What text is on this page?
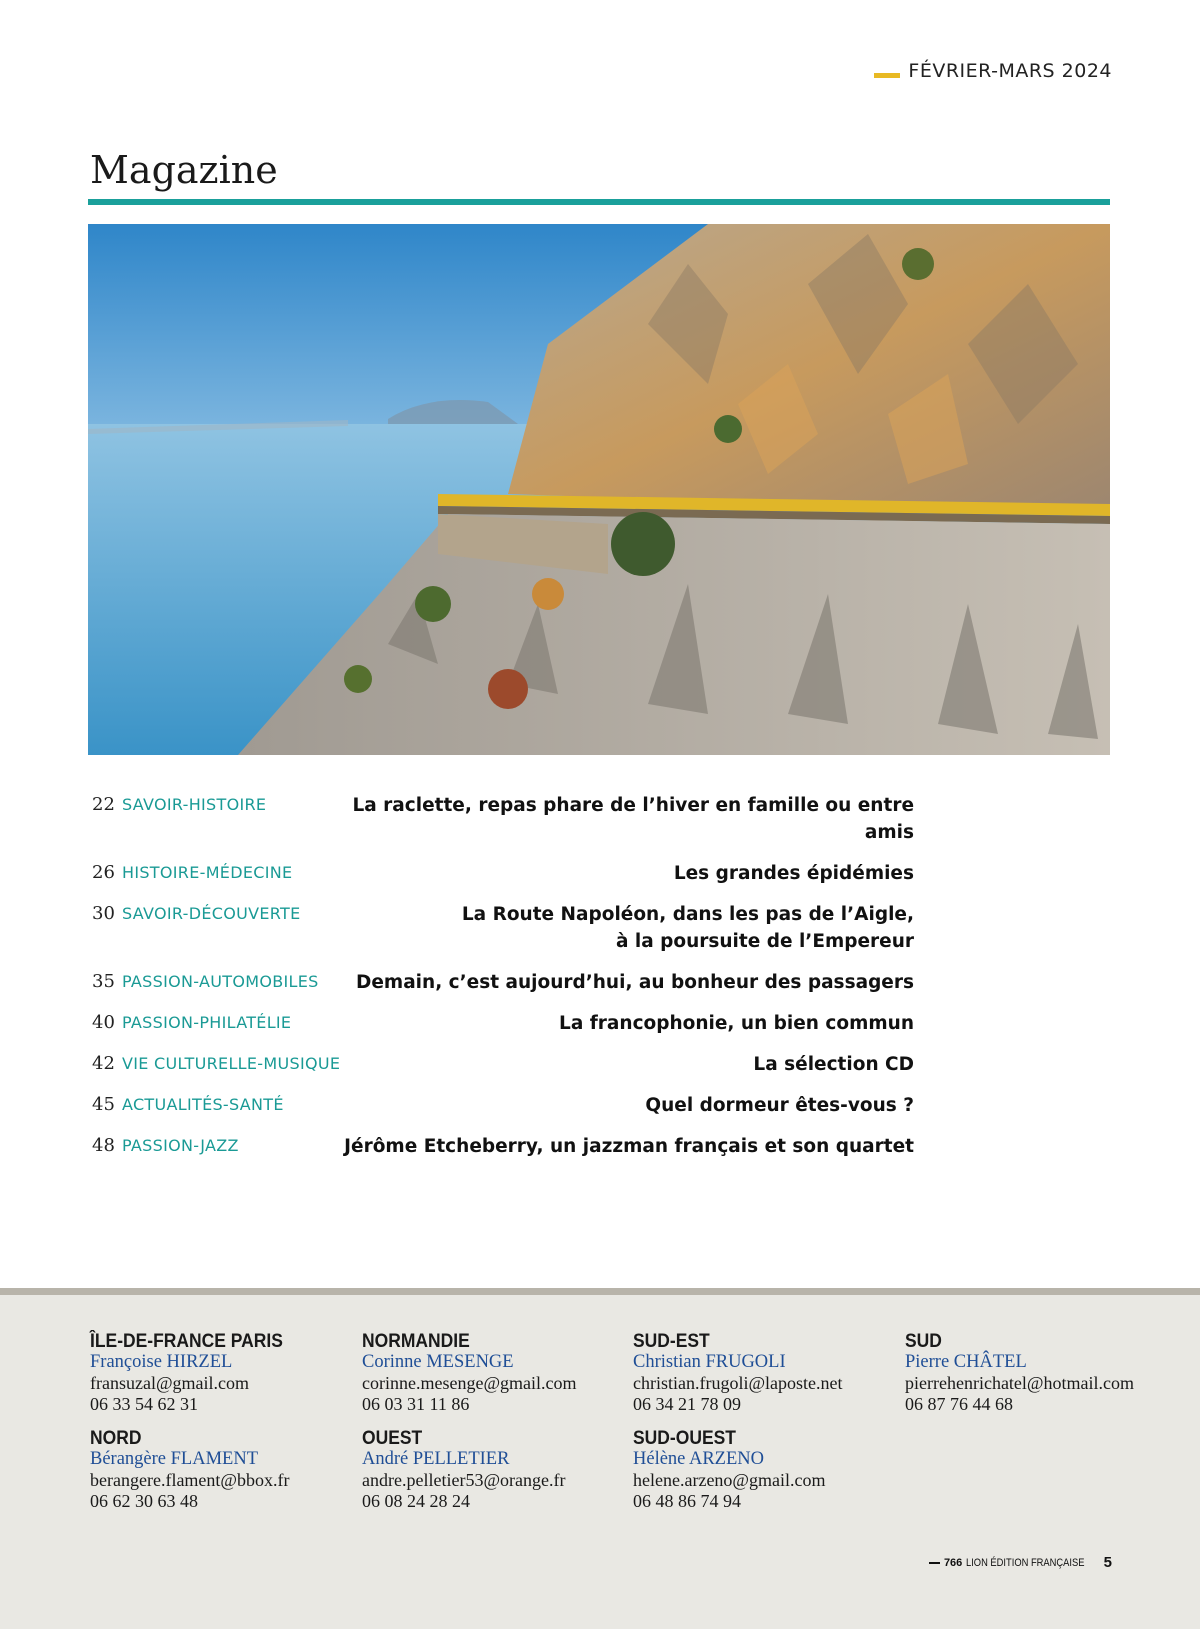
FÉVRIER-MARS 2024
Magazine
22 SAVOIR-HISTOIRE	La raclette, repas phare de l’hiver en famille ou entre amis
26 HISTOIRE-MÉDECINE	Les grandes épidémies
30 SAVOIR-DÉCOUVERTE	La Route Napoléon, dans les pas de l’Aigle,
à la poursuite de l’Empereur
35 PASSION-AUTOMOBILES	Demain, c’est aujourd’hui, au bonheur des passagers
40 PASSION-PHILATÉLIE	La francophonie, un bien commun
42 VIE CULTURELLE-MUSIQUE	La sélection CD
45 ACTUALITÉS-SANTÉ	Quel dormeur êtes-vous ?
48 PASSION-JAZZ	Jérôme Etcheberry, un jazzman français et son quartet
ÎLE-DE-FRANCE PARIS
Françoise HIRZEL
fransuzal@gmail.com
06 33 54 62 31
NORMANDIE
Corinne MESENGE
corinne.mesenge@gmail.com
06 03 31 11 86
SUD-EST
Christian FRUGOLI
christian.frugoli@laposte.net
06 34 21 78 09
SUD
Pierre CHÂTEL
pierrehenrichatel@hotmail.com
06 87 76 44 68
NORD
Bérangère FLAMENT
berangere.flament@bbox.fr
06 62 30 63 48
OUEST
André PELLETIER
andre.pelletier53@orange.fr
06 08 24 28 24
SUD-OUEST
Hélène ARZENO
helene.arzeno@gmail.com
06 48 86 74 94
766 LION ÉDITION FRANÇAISE 5
